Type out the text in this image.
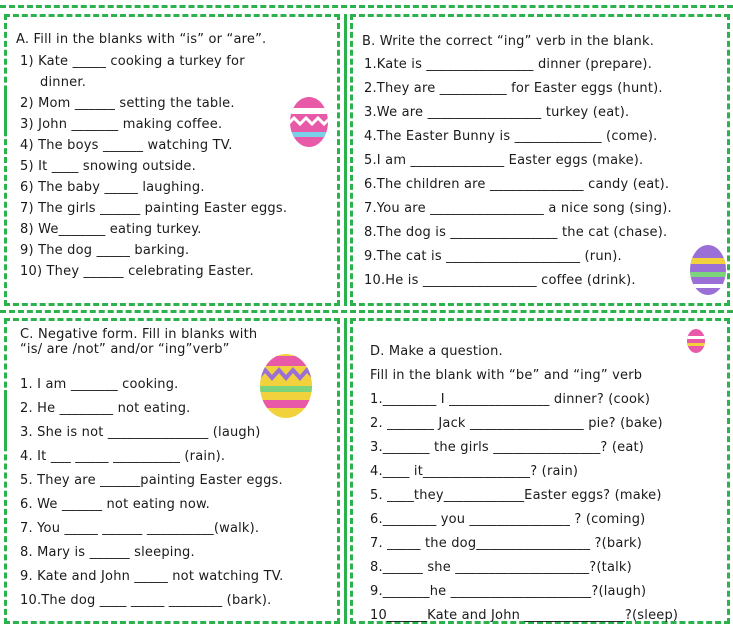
A. Fill in the blanks with “is” or “are”.
1) Kate _____ cooking a turkey for
dinner.
2) Mom ______ setting the table.
3) John _______ making coffee.
4) The boys ______ watching TV.
5) It ____ snowing outside.
6) The baby _____ laughing.
7) The girls ______ painting Easter eggs.
8) We_______ eating turkey.
9) The dog _____ barking.
10) They ______ celebrating Easter.
B. Write the correct “ing” verb in the blank.
1.Kate is ________________ dinner (prepare).
2.They are __________ for Easter eggs (hunt).
3.We are _________________ turkey (eat).
4.The Easter Bunny is _____________ (come).
5.I am ______________ Easter eggs (make).
6.The children are ______________ candy (eat).
7.You are _________________ a nice song (sing).
8.The dog is ________________ the cat (chase).
9.The cat is ____________________ (run).
10.He is _________________ coffee (drink).
C. Negative form. Fill in blanks with
“is/ are /not” and/or “ing”verb”
1. I am _______ cooking.
2. He ________ not eating.
3. She is not _______________ (laugh)
4. It ___ _____ __________ (rain).
5. They are ______painting Easter eggs.
6. We ______ not eating now.
7. You _____ ______ __________(walk).
8. Mary is ______ sleeping.
9. Kate and John _____ not watching TV.
10.The dog ____ _____ ________ (bark).
D. Make a question.
Fill in the blank with “be” and “ing” verb
1.________ I _______________ dinner? (cook)
2. _______ Jack _________________ pie? (bake)
3._______ the girls ________________? (eat)
4.____ it________________? (rain)
5. ____they____________Easter eggs? (make)
6.________ you _______________ ? (coming)
7. _____ the dog_________________ ?(bark)
8.______ she ____________________?(talk)
9._______he _____________________?(laugh)
10______Kate and John _______________?(sleep)
